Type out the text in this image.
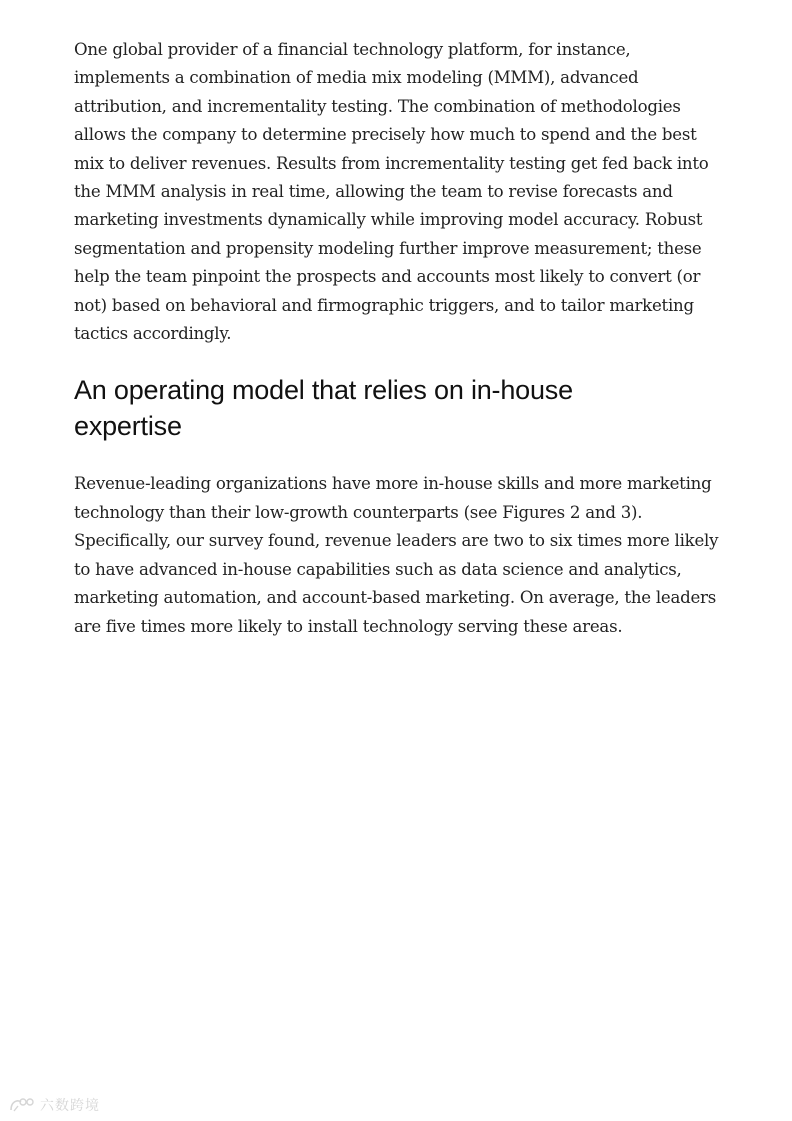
One global provider of a financial technology platform, for instance, implements a combination of media mix modeling (MMM), advanced attribution, and incrementality testing. The combination of methodologies allows the company to determine precisely how much to spend and the best mix to deliver revenues. Results from incrementality testing get fed back into the MMM analysis in real time, allowing the team to revise forecasts and marketing investments dynamically while improving model accuracy. Robust segmentation and propensity modeling further improve measurement; these help the team pinpoint the prospects and accounts most likely to convert (or not) based on behavioral and firmographic triggers, and to tailor marketing tactics accordingly.

An operating model that relies on in-house expertise

Revenue-leading organizations have more in-house skills and more marketing technology than their low-growth counterparts (see Figures 2 and 3). Specifically, our survey found, revenue leaders are two to six times more likely to have advanced in-house capabilities such as data science and analytics, marketing automation, and account-based marketing. On average, the leaders are five times more likely to install technology serving these areas.

六数跨境
